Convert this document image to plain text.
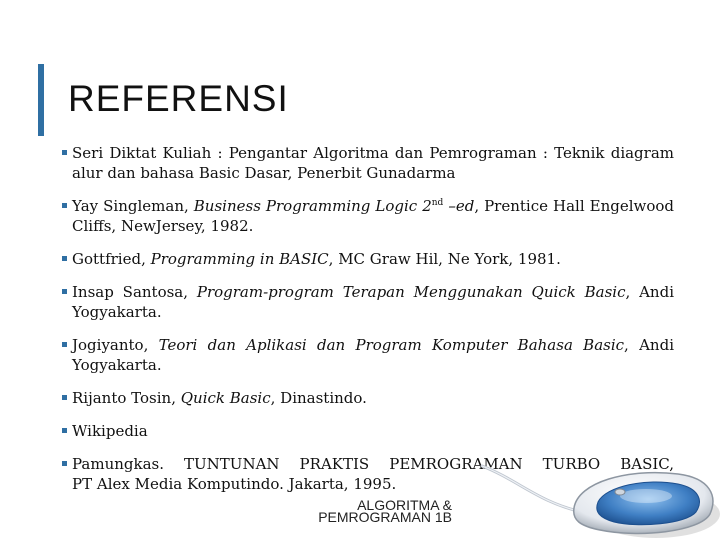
REFERENSI
Seri Diktat Kuliah : Pengantar Algoritma dan Pemrograman : Teknik diagram alur dan bahasa Basic Dasar, Penerbit Gunadarma
Yay Singleman, Business Programming Logic 2nd –ed, Prentice Hall Engelwood Cliffs, NewJersey, 1982.
Gottfried, Programming in BASIC, MC Graw Hil, Ne York, 1981.
Insap Santosa, Program-program Terapan Menggunakan Quick Basic, Andi Yogyakarta.
Jogiyanto, Teori dan Aplikasi dan Program Komputer Bahasa Basic, Andi Yogyakarta.
Rijanto Tosin, Quick Basic, Dinastindo.
Wikipedia
Pamungkas. TUNTUNAN PRAKTIS PEMROGRAMAN TURBO BASIC,
PT Alex Media Komputindo. Jakarta, 1995.
ALGORITMA &
PEMROGRAMAN 1B
